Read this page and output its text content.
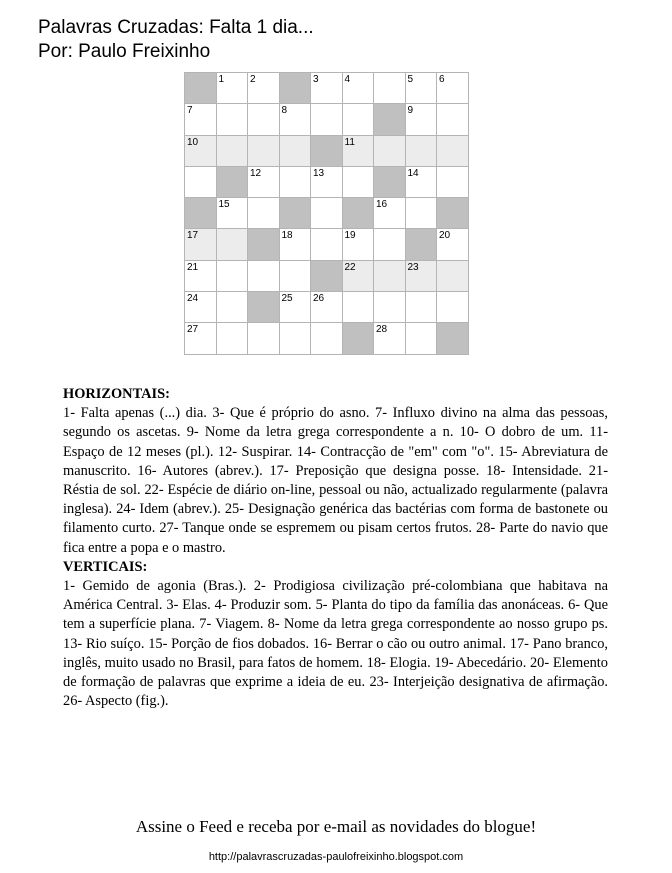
Palavras Cruzadas: Falta 1 dia...
Por: Paulo Freixinho

	1	2		3	4		5	6

7			8				9	

10					11			

		12		13			14	

	15					16		

17			18		19			20

21					22		23	

24			25	26				

27						28		

HORIZONTAIS:

1- Falta apenas (...) dia. 3- Que é próprio do asno. 7- Influxo divino na alma das pessoas, segundo os ascetas. 9- Nome da letra grega correspondente a n. 10- O dobro de um. 11- Espaço de 12 meses (pl.). 12- Suspirar. 14- Contracção de "em" com "o". 15- Abreviatura de manuscrito. 16- Autores (abrev.). 17- Preposição que designa posse. 18- Intensidade. 21- Réstia de sol. 22- Espécie de diário on-line, pessoal ou não, actualizado regularmente (palavra inglesa). 24- Idem (abrev.). 25- Designação genérica das bactérias com forma de bastonete ou filamento curto. 27- Tanque onde se espremem ou pisam certos frutos. 28- Parte do navio que fica entre a popa e o mastro.

VERTICAIS:

1- Gemido de agonia (Bras.). 2- Prodigiosa civilização pré-colombiana que habitava na América Central. 3- Elas. 4- Produzir som. 5- Planta do tipo da família das anonáceas. 6- Que tem a superfície plana. 7- Viagem. 8- Nome da letra grega correspondente ao nosso grupo ps. 13- Rio suíço. 15- Porção de fios dobados. 16- Berrar o cão ou outro animal. 17- Pano branco, inglês, muito usado no Brasil, para fatos de homem. 18- Elogia. 19- Abecedário. 20- Elemento de formação de palavras que exprime a ideia de eu. 23- Interjeição designativa de afirmação. 26- Aspecto (fig.).

Assine o Feed e receba por e-mail as novidades do blogue!
http://palavrascruzadas-paulofreixinho.blogspot.com
